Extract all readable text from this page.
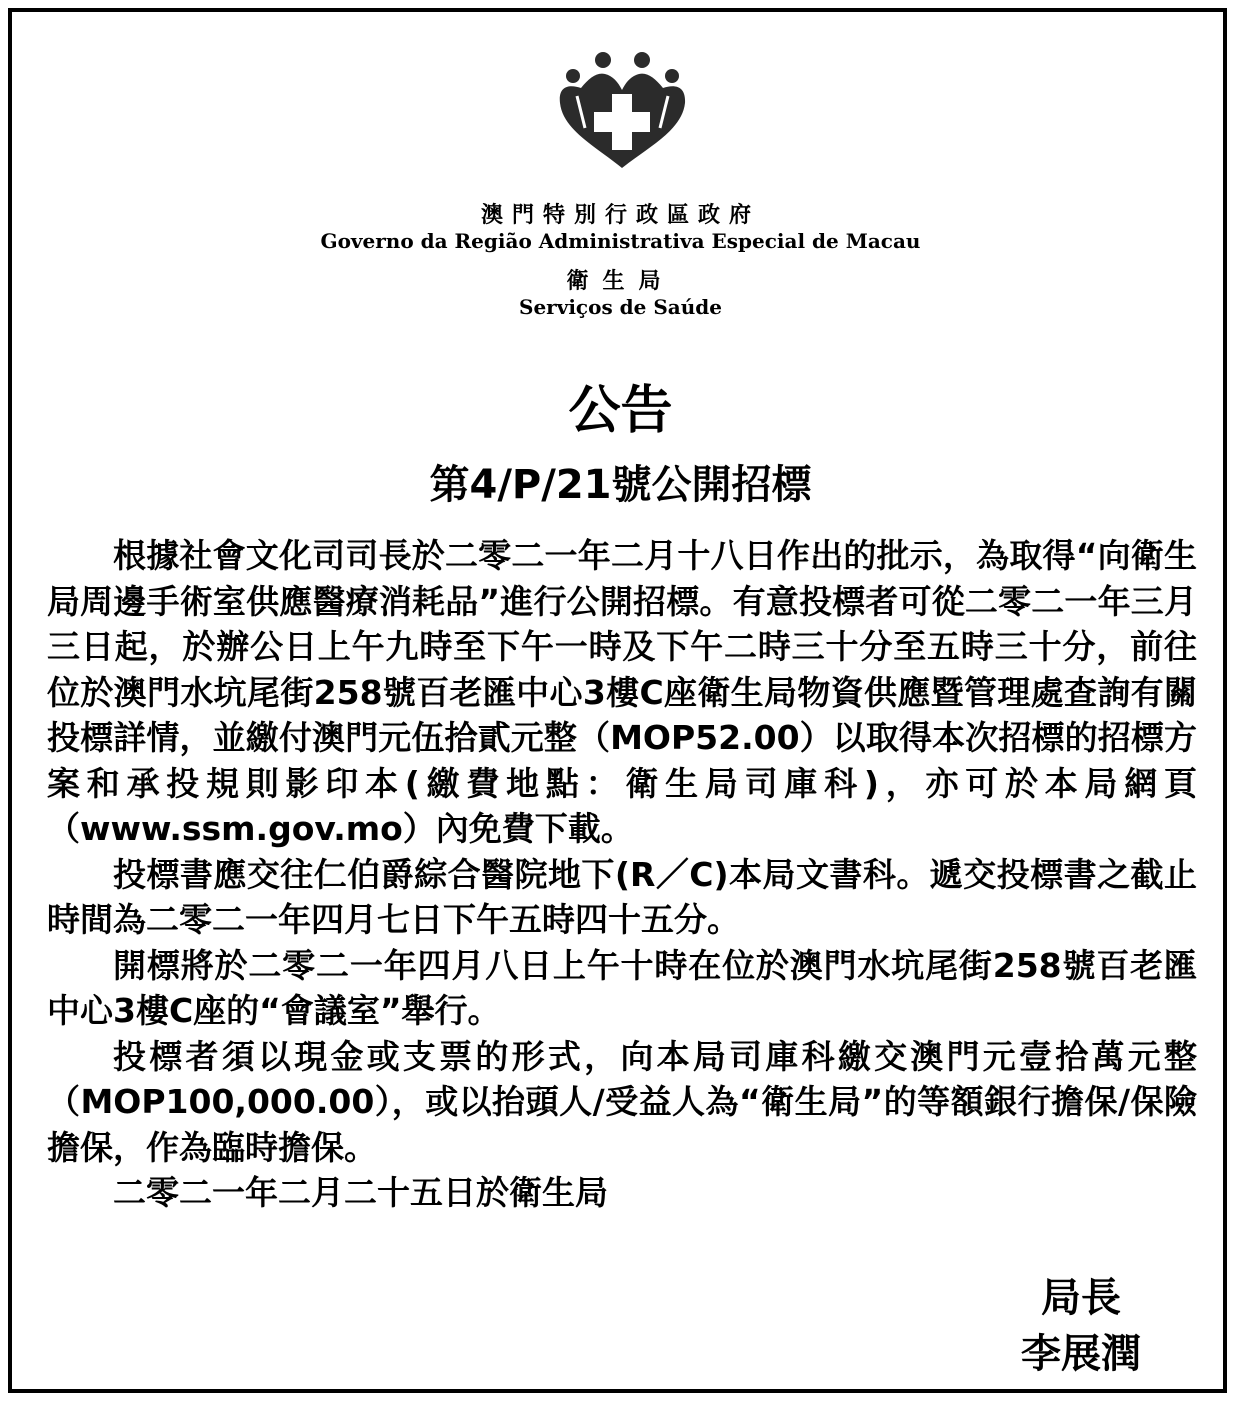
澳門特別行政區政府
Governo da Região Administrativa Especial de Macau
衛生局
Serviços de Saúde
公告
第4/P/21號公開招標

根據社會文化司司長於二零二一年二月十八日作出的批示，為取得“向衛生局周邊手術室供應醫療消耗品”進行公開招標。有意投標者可從二零二一年三月三日起，於辦公日上午九時至下午一時及下午二時三十分至五時三十分，前往位於澳門水坑尾街258號百老匯中心3樓C座衛生局物資供應暨管理處查詢有關投標詳情，並繳付澳門元伍拾貳元整（MOP52.00）以取得本次招標的招標方案和承投規則影印本(繳費地點：衛生局司庫科)，亦可於本局網頁（www.ssm.gov.mo）內免費下載。

投標書應交往仁伯爵綜合醫院地下(R／C)本局文書科。遞交投標書之截止時間為二零二一年四月七日下午五時四十五分。

開標將於二零二一年四月八日上午十時在位於澳門水坑尾街258號百老匯中心3樓C座的“會議室”舉行。

投標者須以現金或支票的形式，向本局司庫科繳交澳門元壹拾萬元整（MOP100,000.00），或以抬頭人/受益人為“衛生局”的等額銀行擔保/保險擔保，作為臨時擔保。

二零二一年二月二十五日於衛生局

局長
李展潤
